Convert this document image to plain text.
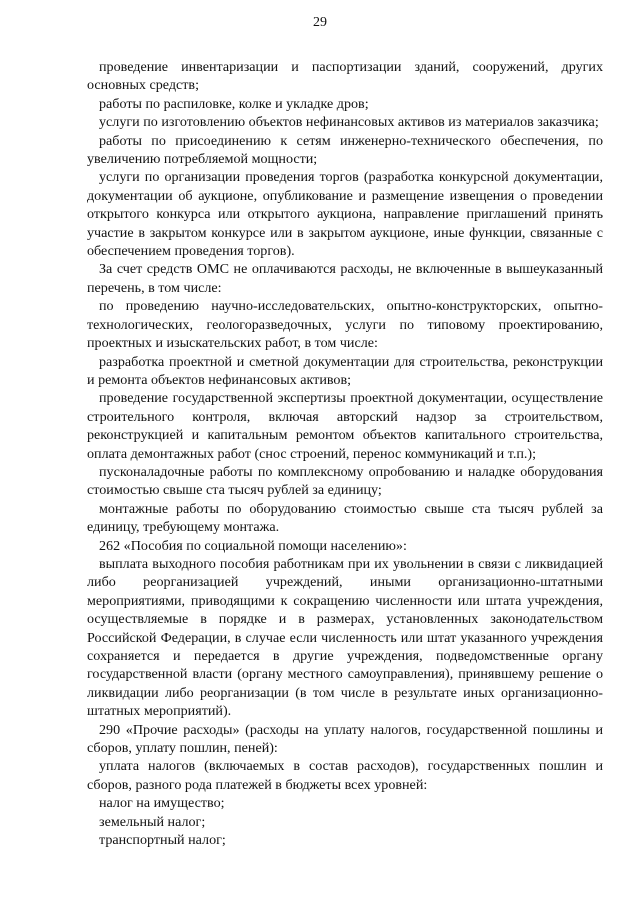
29

проведение инвентаризации и паспортизации зданий, сооружений, других основных средств;

работы по распиловке, колке и укладке дров;

услуги по изготовлению объектов нефинансовых активов из материалов заказчика;

работы по присоединению к сетям инженерно-технического обеспечения, по увеличению потребляемой мощности;

услуги по организации проведения торгов (разработка конкурсной документации, документации об аукционе, опубликование и размещение извещения о проведении открытого конкурса или открытого аукциона, направление приглашений принять участие в закрытом конкурсе или в закрытом аукционе, иные функции, связанные с обеспечением проведения торгов).

За счет средств ОМС не оплачиваются расходы, не включенные в вышеуказанный перечень, в том числе:

по проведению научно-исследовательских, опытно-конструкторских, опытно-технологических, геологоразведочных, услуги по типовому проектированию, проектных и изыскательских работ, в том числе:

разработка проектной и сметной документации для строительства, реконструкции и ремонта объектов нефинансовых активов;

проведение государственной экспертизы проектной документации, осуществление строительного контроля, включая авторский надзор за строительством, реконструкцией и капитальным ремонтом объектов капитального строительства, оплата демонтажных работ (снос строений, перенос коммуникаций и т.п.);

пусконаладочные работы по комплексному опробованию и наладке оборудования стоимостью свыше ста тысяч рублей за единицу;

монтажные работы по оборудованию стоимостью свыше ста тысяч рублей за единицу, требующему монтажа.

262 «Пособия по социальной помощи населению»:

выплата выходного пособия работникам при их увольнении в связи с ликвидацией либо реорганизацией учреждений, иными организационно-штатными мероприятиями, приводящими к сокращению численности или штата учреждения, осуществляемые в порядке и в размерах, установленных законодательством Российской Федерации, в случае если численность или штат указанного учреждения сохраняется и передается в другие учреждения, подведомственные органу государственной власти (органу местного самоуправления), принявшему решение о ликвидации либо реорганизации (в том числе в результате иных организационно-штатных мероприятий).

290 «Прочие расходы» (расходы на уплату налогов, государственной пошлины и сборов, уплату пошлин, пеней):

уплата налогов (включаемых в состав расходов), государственных пошлин и сборов, разного рода платежей в бюджеты всех уровней:

налог на имущество;

земельный налог;

транспортный налог;
